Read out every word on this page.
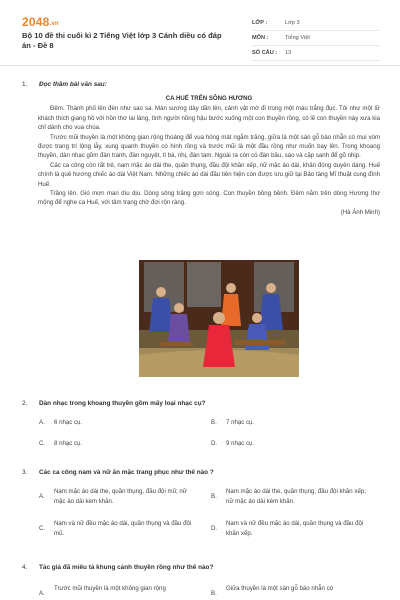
2048.vn
Bộ 10 đề thi cuối kì 2 Tiếng Việt lớp 3 Cánh diều có đáp án - Đề 8
LỚP :	Lớp 3
MÔN :	Tiếng Việt
SỐ CÂU :	13
1. Đọc thầm bài văn sau:
CA HUẾ TRÊN SÔNG HƯƠNG

Đêm. Thành phố lên đèn như sao sa. Màn sương dày dần lên, cảnh vật mờ đi trong một màu trắng đục. Tôi như một lữ khách thích giang hồ với hồn thơ lai láng, tình người nồng hậu bước xuống một con thuyền rồng, có lẽ con thuyền này xưa kia chỉ dành cho vua chúa.

Trước mũi thuyền là một không gian rộng thoáng để vua hóng mát ngắm trăng, giữa là một sàn gỗ bào nhẵn có mui vòm được trang trí lộng lẫy, xung quanh thuyền có hình rồng và trước mũi là một đầu rồng như muốn bay lên. Trong khoang thuyền, dàn nhạc gồm đàn tranh, đàn nguyệt, tì bà, nhị, đàn tam. Ngoài ra còn có đàn bầu, sáo và cặp sanh để gõ nhịp.

Các ca công còn rất trẻ, nam mặc áo dài the, quần thụng, đầu đội khăn xếp, nữ mặc áo dài, khăn đóng duyên dáng. Huế chính là quê hương chiếc áo dài Việt Nam. Những chiếc áo dài đầu tiên hiện còn được lưu giữ tại Bảo tàng Mĩ thuật cung đình Huế.

Trăng lên. Gió mơn man dìu dịu. Dòng sông trăng gợn sóng. Con thuyền bồng bềnh. Đêm nằm trên dòng Hương thơ mộng để nghe ca Huế, với tâm trạng chờ đợi rộn ràng.

(Hà Ánh Minh)
2. Dàn nhạc trong khoang thuyền gồm mấy loại nhạc cụ?
A. 6 nhạc cụ.	B. 7 nhạc cụ.
C. 8 nhạc cụ.	D. 9 nhạc cụ.
3. Các ca công nam và nữ ăn mặc trang phục như thế nào ?
A.
Nam mặc áo dài the, quần thụng, đầu đội mũ; nữ mặc áo dài kèm khăn.
B.
Nam mặc áo dài the, quần thụng, đầu đội khăn xếp; nữ mặc áo dài kèm khăn.
C.
Nam và nữ đều mặc áo dài, quần thụng và đầu đội mũ.
D.
Nam và nữ đều mặc áo dài, quần thụng và đầu đội khăn xếp.
4. Tác giả đã miêu tả khung cảnh thuyền rồng như thế nào?
A.
Trước mũi thuyền là một không gian rộng
B.
Giữa thuyền là một sàn gỗ bào nhẵn có
